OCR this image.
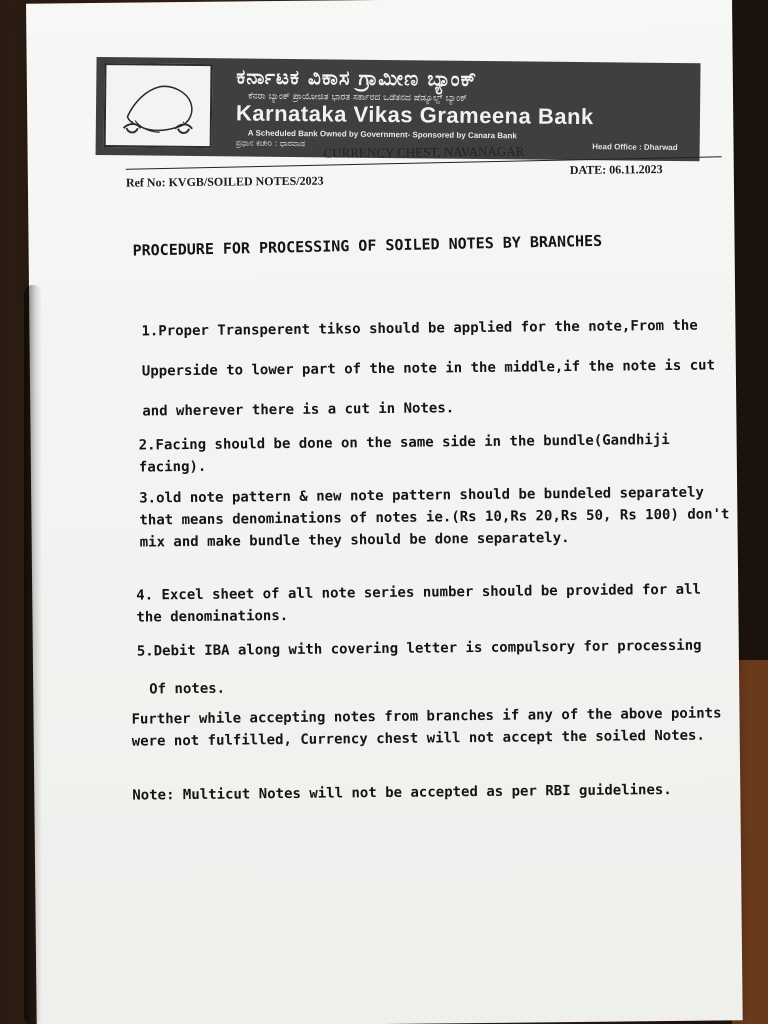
ಕರ್ನಾಟಕ ವಿಕಾಸ ಗ್ರಾಮೀಣ ಬ್ಯಾಂಕ್
ಕೆನರಾ ಬ್ಯಾಂಕ್ ಪ್ರಾಯೋಜಿತ ಭಾರತ ಸರ್ಕಾರದ ಒಡೆತನದ ಷೆಡ್ಯೂಲ್ಡ್ ಬ್ಯಾಂಕ್
Karnataka Vikas Grameena Bank
A Scheduled Bank Owned by Government- Sponsored by Canara Bank
ಪ್ರಧಾನ ಕಚೇರಿ : ಧಾರವಾಡ	Head Office : Dharwad
CURRENCY CHEST, NAVANAGAR
Ref No: KVGB/SOILED NOTES/2023
DATE: 06.11.2023
PROCEDURE FOR PROCESSING OF SOILED NOTES BY BRANCHES
1.Proper Transperent tikso should be applied for the note,From the
Upperside to lower part of the note in the middle,if the note is cut
and wherever there is a cut in Notes.
2.Facing should be done on the same side in the bundle(Gandhiji facing).
3.old note pattern & new note pattern should be bundeled separately that means denominations of notes ie.(Rs 10,Rs 20,Rs 50, Rs 100) don't mix and make bundle they should be done separately.
4. Excel sheet of all note series number should be provided for all the denominations.
5.Debit IBA along with covering letter is compulsory for processing
Of notes.
Further while accepting notes from branches if any of the above points were not fulfilled, Currency chest will not accept the soiled Notes.
Note: Multicut Notes will not be accepted as per RBI guidelines.
